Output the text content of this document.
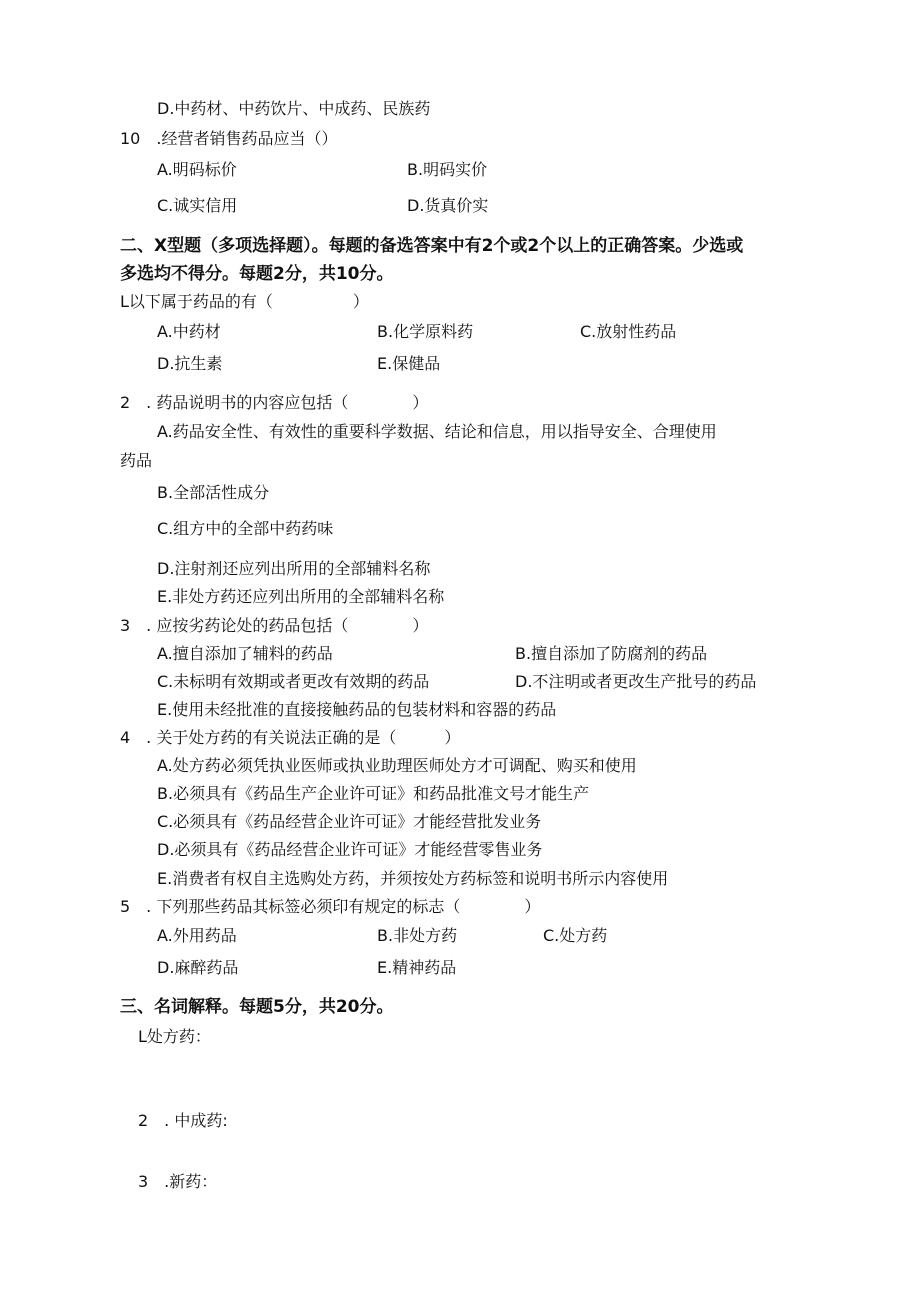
D.中药材、中药饮片、中成药、民族药
10　.经营者销售药品应当（）
A.明码标价	B.明码实价
C.诚实信用	D.货真价实
二、X型题（多项选择题）。每题的备选答案中有2个或2个以上的正确答案。少选或
多选均不得分。每题2分，共10分。
L以下属于药品的有（　　　　　）
A.中药材	B.化学原料药	C.放射性药品
D.抗生素	E.保健品
2　. 药品说明书的内容应包括（　　　　）
A.药品安全性、有效性的重要科学数据、结论和信息，用以指导安全、合理使用
药品
B.全部活性成分
C.组方中的全部中药药味
D.注射剂还应列出所用的全部辅料名称
E.非处方药还应列出所用的全部辅料名称
3　. 应按劣药论处的药品包括（　　　　）
A.擅自添加了辅料的药品	B.擅自添加了防腐剂的药品
C.未标明有效期或者更改有效期的药品	D.不注明或者更改生产批号的药品
E.使用未经批准的直接接触药品的包装材料和容器的药品
4　. 关于处方药的有关说法正确的是（　　　）
A.处方药必须凭执业医师或执业助理医师处方才可调配、购买和使用
B.必须具有《药品生产企业许可证》和药品批准文号才能生产
C.必须具有《药品经营企业许可证》才能经营批发业务
D.必须具有《药品经营企业许可证》才能经营零售业务
E.消费者有权自主选购处方药，并须按处方药标签和说明书所示内容使用
5　. 下列那些药品其标签必须印有规定的标志（　　　　）
A.外用药品	B.非处方药	C.处方药
D.麻醉药品	E.精神药品
三、名词解释。每题5分，共20分。
L处方药：
2　. 中成药:
3　.新药：
